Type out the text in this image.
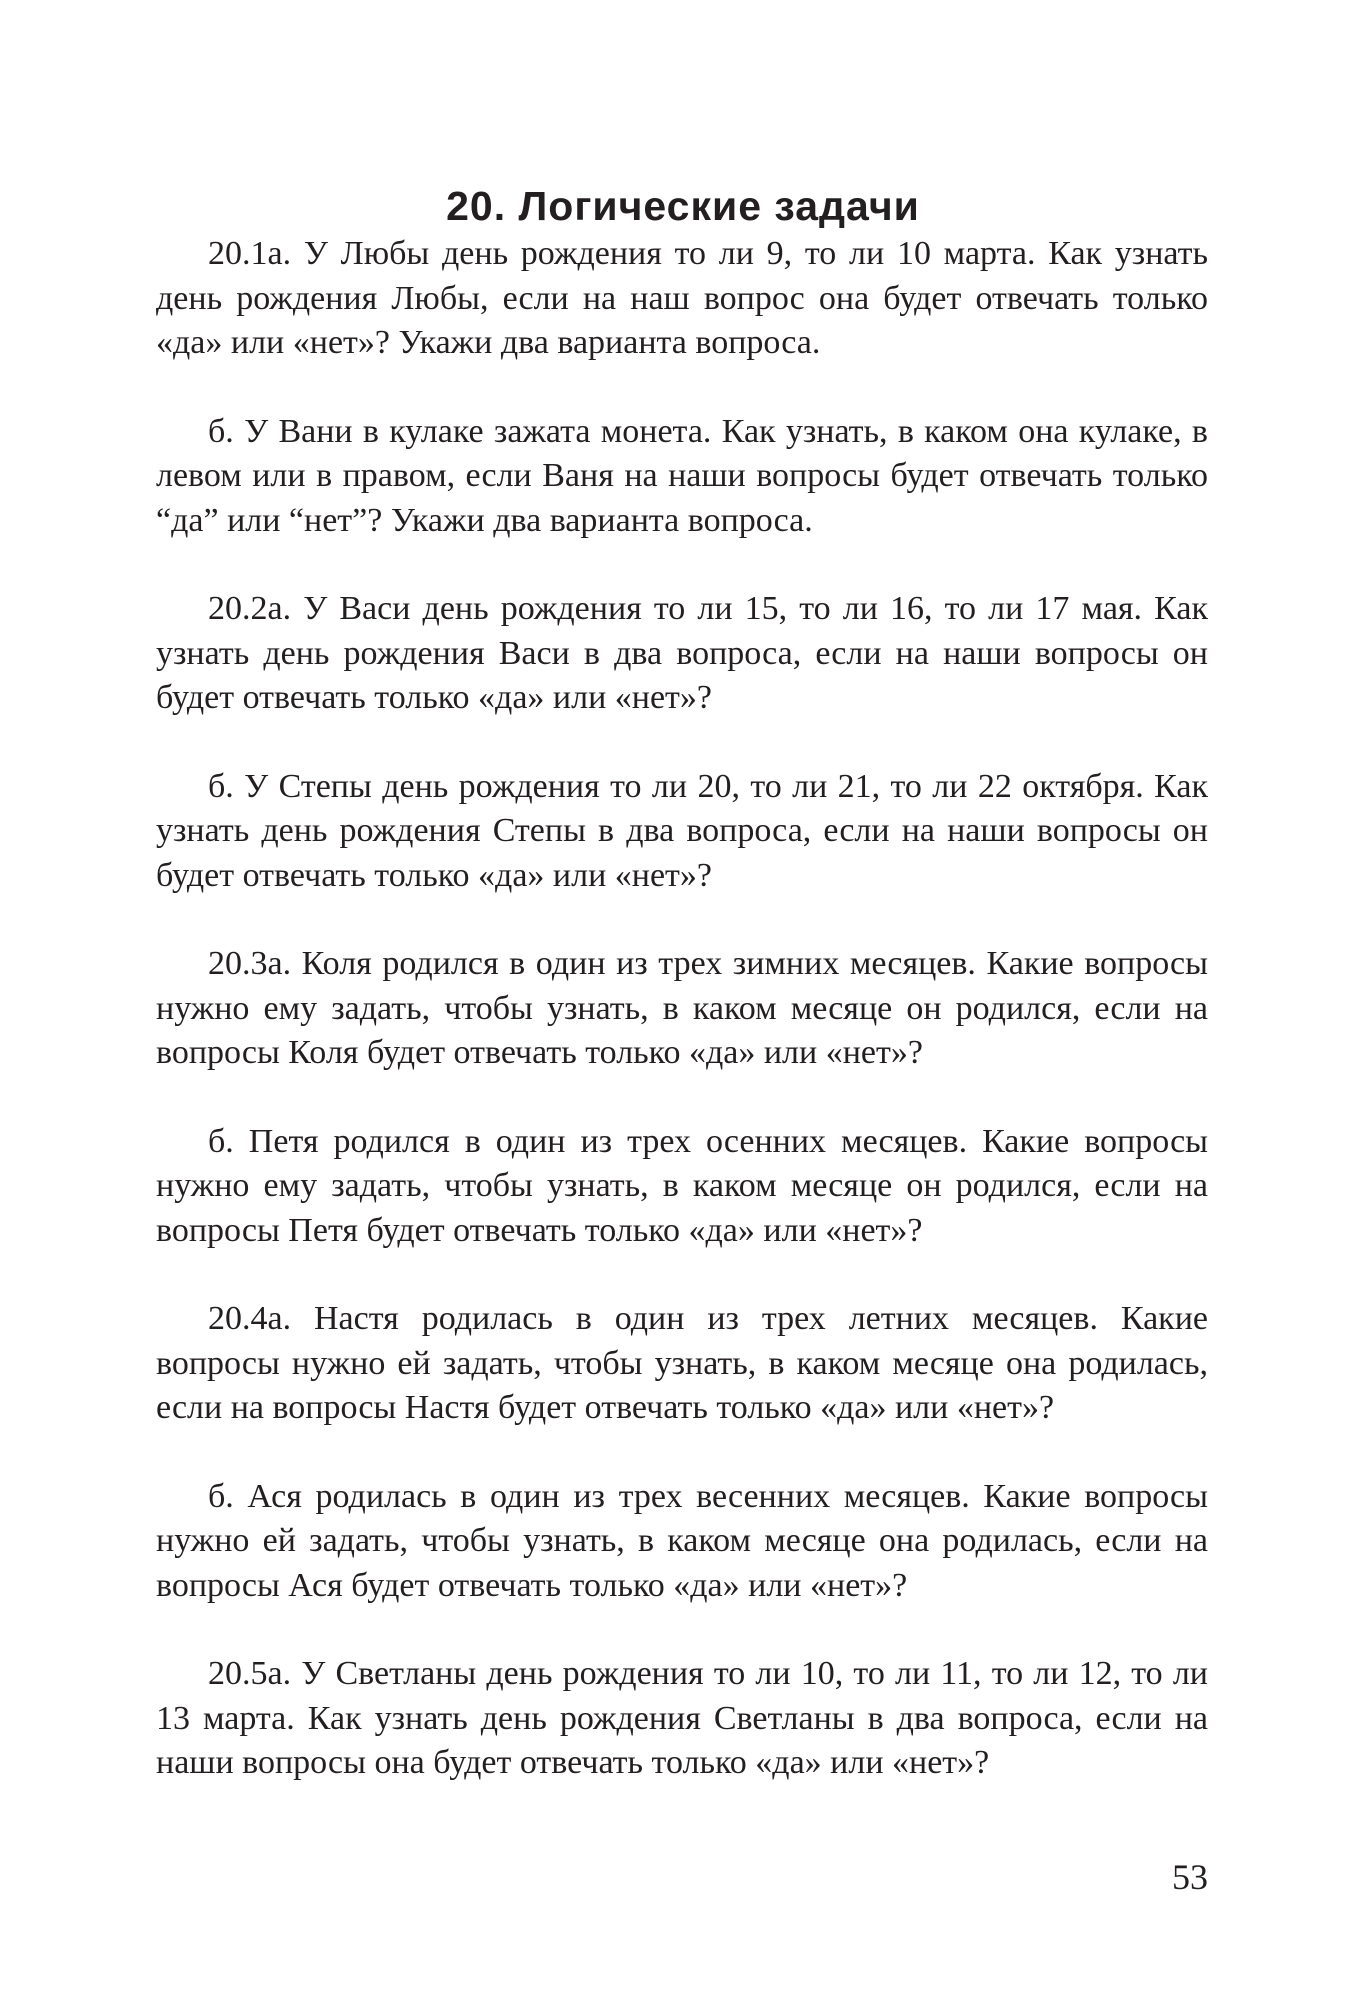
20. Логические задачи

20.1а. У Любы день рождения то ли 9, то ли 10 марта. Как узнать день рождения Любы, если на наш вопрос она будет отвечать только «да» или «нет»? Укажи два варианта вопроса.

б. У Вани в кулаке зажата монета. Как узнать, в каком она кулаке, в левом или в правом, если Ваня на наши вопросы будет отвечать только “да” или “нет”? Укажи два варианта вопроса.

20.2а. У Васи день рождения то ли 15, то ли 16, то ли 17 мая. Как узнать день рождения Васи в два вопроса, если на наши вопросы он будет отвечать только «да» или «нет»?

б. У Степы день рождения то ли 20, то ли 21, то ли 22 октября. Как узнать день рождения Степы в два вопроса, если на наши вопросы он будет отвечать только «да» или «нет»?

20.3а. Коля родился в один из трех зимних месяцев. Какие вопросы нужно ему задать, чтобы узнать, в каком месяце он родился, если на вопросы Коля будет отвечать только «да» или «нет»?

б. Петя родился в один из трех осенних месяцев. Какие вопросы нужно ему задать, чтобы узнать, в каком месяце он родился, если на вопросы Петя будет отвечать только «да» или «нет»?

20.4а. Настя родилась в один из трех летних месяцев. Какие вопросы нужно ей задать, чтобы узнать, в каком месяце она родилась, если на вопросы Настя будет отвечать только «да» или «нет»?

б. Ася родилась в один из трех весенних месяцев. Какие вопросы нужно ей задать, чтобы узнать, в каком месяце она родилась, если на вопросы Ася будет отвечать только «да» или «нет»?

20.5а. У Светланы день рождения то ли 10, то ли 11, то ли 12, то ли 13 марта. Как узнать день рождения Светланы в два вопроса, если на наши вопросы она будет отвечать только «да» или «нет»?

53
